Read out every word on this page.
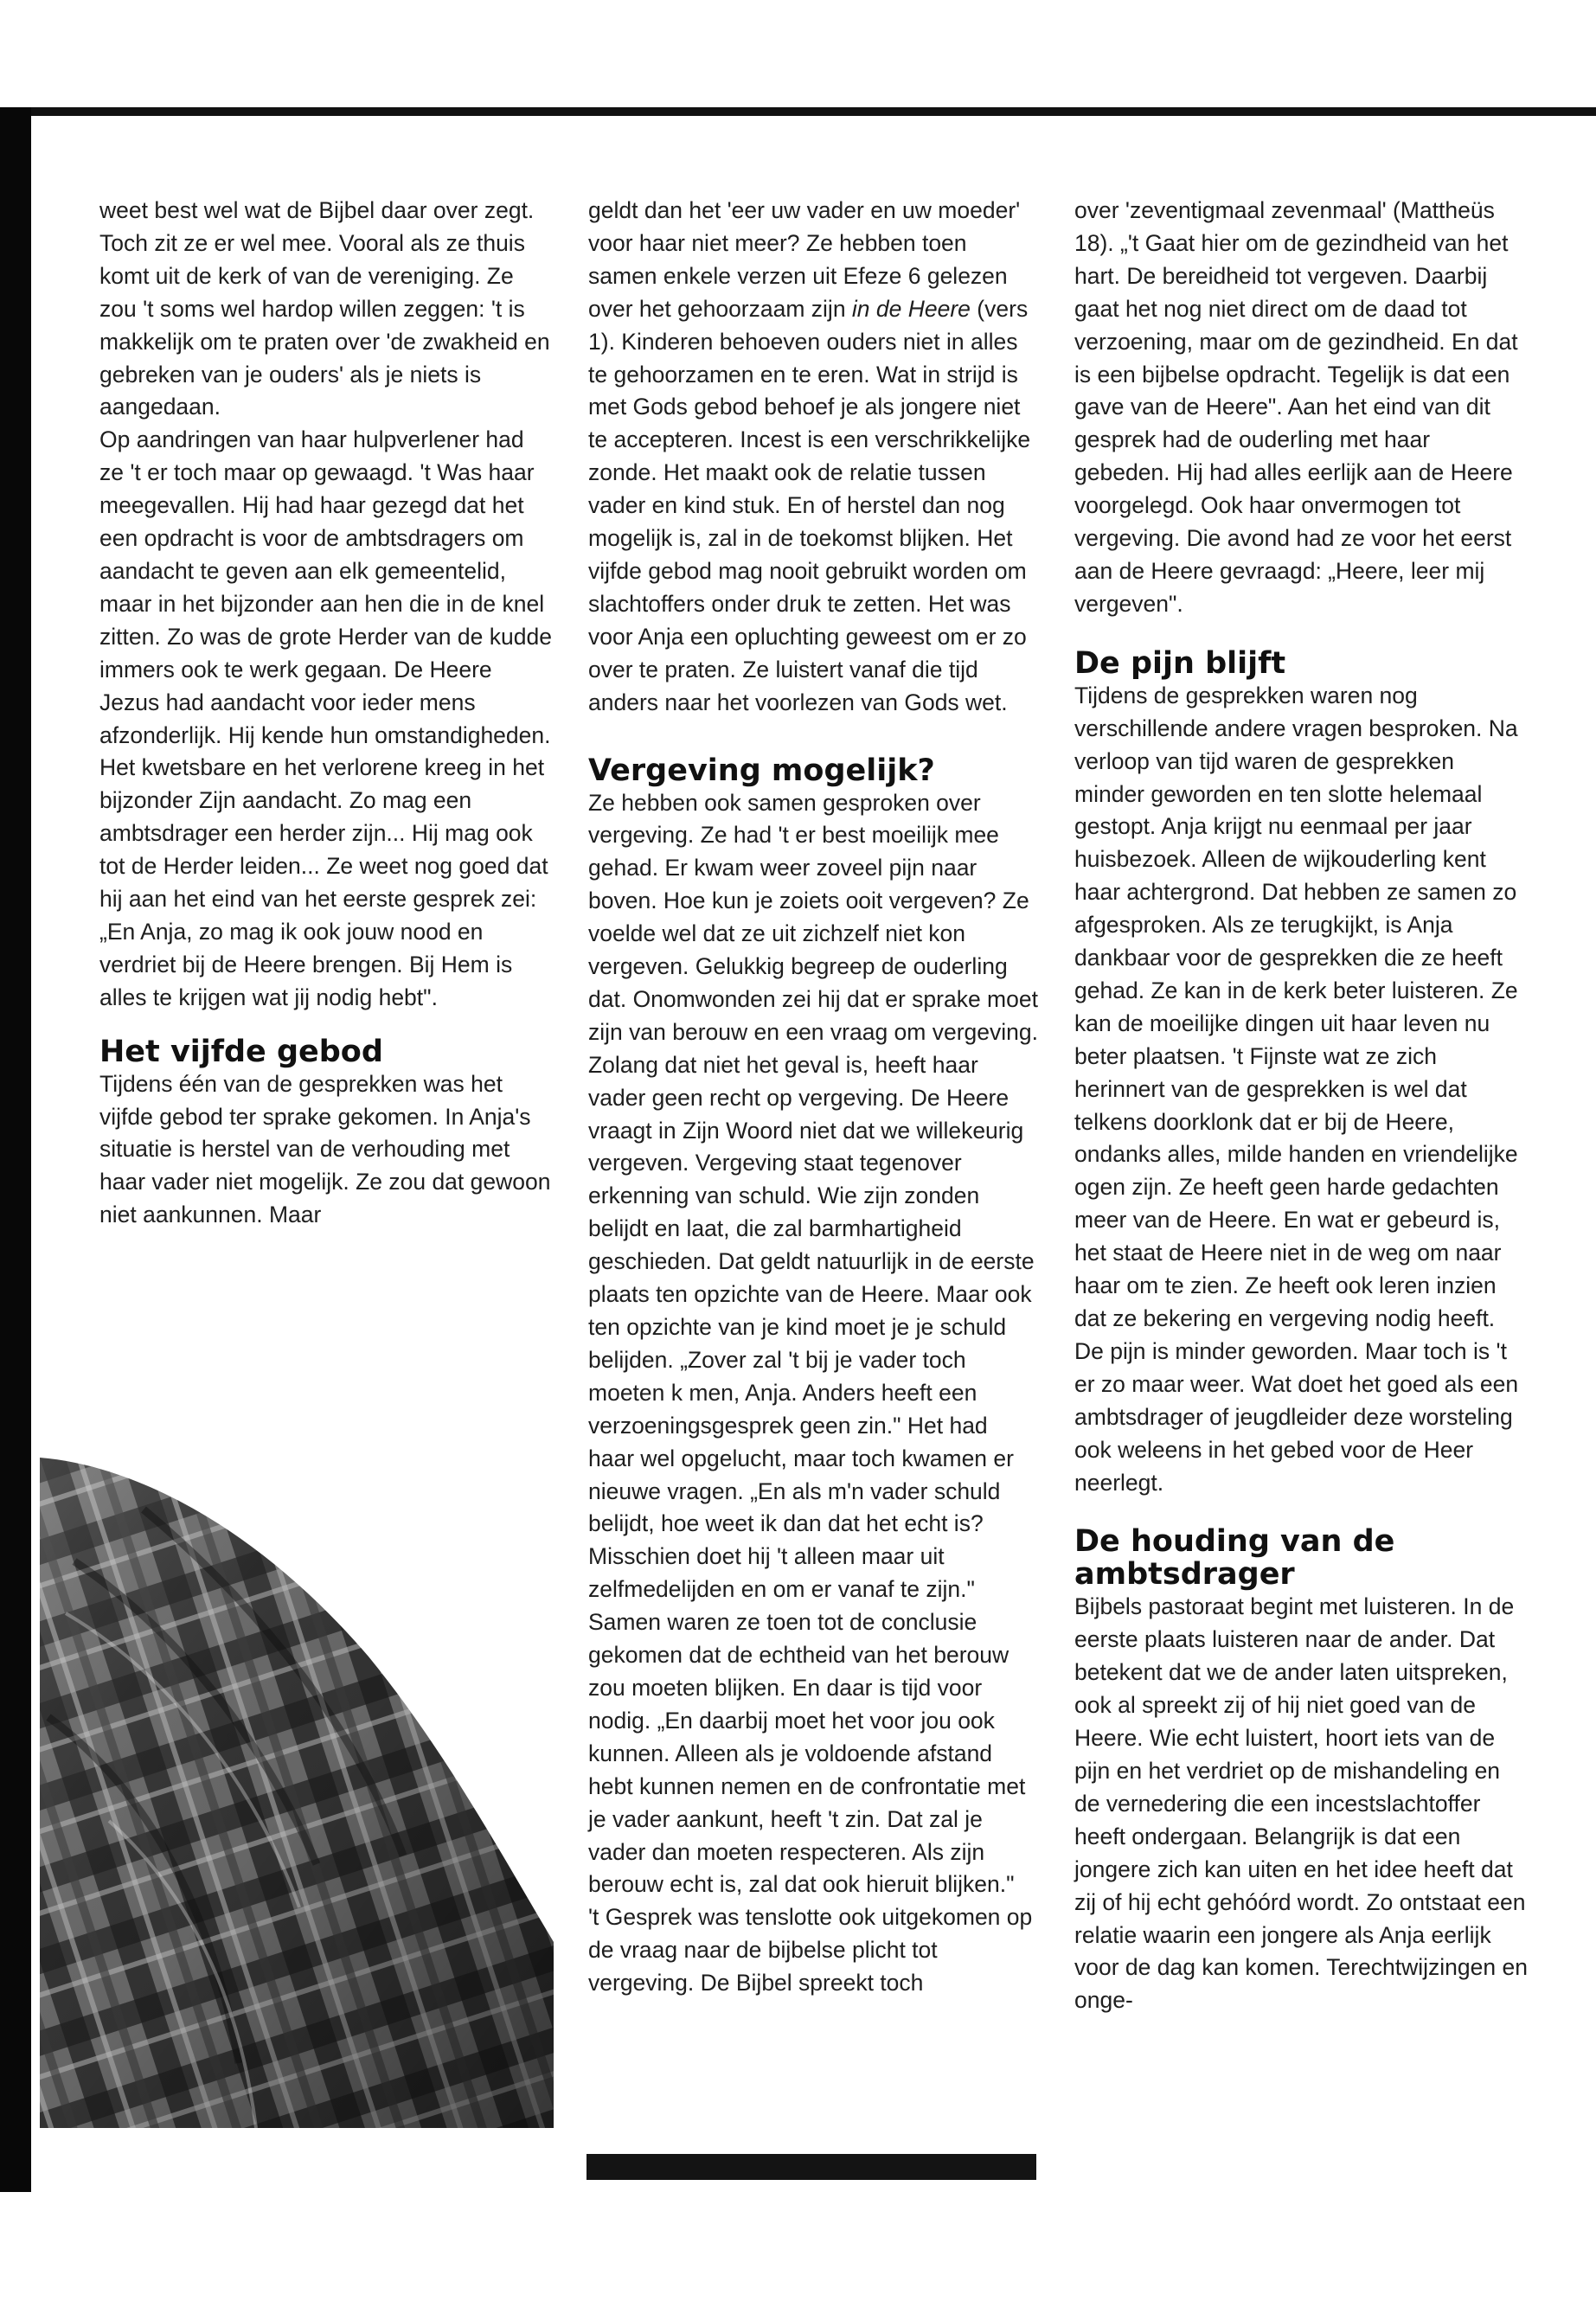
weet best wel wat de Bijbel daar over zegt. Toch zit ze er wel mee. Vooral als ze thuis komt uit de kerk of van de vereniging. Ze zou 't soms wel hardop willen zeggen: 't is makkelijk om te praten over 'de zwakheid en gebreken van je ouders' als je niets is aangedaan.

Op aandringen van haar hulpverlener had ze 't er toch maar op gewaagd. 't Was haar meegevallen. Hij had haar gezegd dat het een opdracht is voor de ambtsdragers om aandacht te geven aan elk gemeentelid, maar in het bijzonder aan hen die in de knel zitten. Zo was de grote Herder van de kudde immers ook te werk gegaan. De Heere Jezus had aandacht voor ieder mens afzonderlijk. Hij kende hun omstandigheden. Het kwetsbare en het verlorene kreeg in het bijzonder Zijn aandacht. Zo mag een ambtsdrager een herder zijn... Hij mag ook tot de Herder leiden... Ze weet nog goed dat hij aan het eind van het eerste gesprek zei: „En Anja, zo mag ik ook jouw nood en verdriet bij de Heere brengen. Bij Hem is alles te krijgen wat jij nodig hebt".

Het vijfde gebod

Tijdens één van de gesprekken was het vijfde gebod ter sprake gekomen. In Anja's situatie is herstel van de verhouding met haar vader niet mogelijk. Ze zou dat gewoon niet aankunnen. Maar

geldt dan het 'eer uw vader en uw moeder' voor haar niet meer? Ze hebben toen samen enkele verzen uit Efeze 6 gelezen over het gehoorzaam zijn in de Heere (vers 1). Kinderen behoeven ouders niet in alles te gehoorzamen en te eren. Wat in strijd is met Gods gebod behoef je als jongere niet te accepteren. Incest is een verschrikkelijke zonde. Het maakt ook de relatie tussen vader en kind stuk. En of herstel dan nog mogelijk is, zal in de toekomst blijken. Het vijfde gebod mag nooit gebruikt worden om slachtoffers onder druk te zetten. Het was voor Anja een opluchting geweest om er zo over te praten. Ze luistert vanaf die tijd anders naar het voorlezen van Gods wet.

Vergeving mogelijk?

Ze hebben ook samen gesproken over vergeving. Ze had 't er best moeilijk mee gehad. Er kwam weer zoveel pijn naar boven. Hoe kun je zoiets ooit vergeven? Ze voelde wel dat ze uit zichzelf niet kon vergeven. Gelukkig begreep de ouderling dat. Onomwonden zei hij dat er sprake moet zijn van berouw en een vraag om vergeving. Zolang dat niet het geval is, heeft haar vader geen recht op vergeving. De Heere vraagt in Zijn Woord niet dat we willekeurig vergeven. Vergeving staat tegenover erkenning van schuld. Wie zijn zonden belijdt en laat, die zal barmhartigheid geschieden. Dat geldt natuurlijk in de eerste plaats ten opzichte van de Heere. Maar ook ten opzichte van je kind moet je je schuld belijden. „Zover zal 't bij je vader toch moeten k men, Anja. Anders heeft een verzoeningsgesprek geen zin." Het had haar wel opgelucht, maar toch kwamen er nieuwe vragen. „En als m'n vader schuld belijdt, hoe weet ik dan dat het echt is? Misschien doet hij 't alleen maar uit zelfmedelijden en om er vanaf te zijn." Samen waren ze toen tot de conclusie gekomen dat de echtheid van het berouw zou moeten blijken. En daar is tijd voor nodig. „En daarbij moet het voor jou ook kunnen. Alleen als je voldoende afstand hebt kunnen nemen en de confrontatie met je vader aankunt, heeft 't zin. Dat zal je vader dan moeten respecteren. Als zijn berouw echt is, zal dat ook hieruit blijken."

't Gesprek was tenslotte ook uitgekomen op de vraag naar de bijbelse plicht tot vergeving. De Bijbel spreekt toch

over 'zeventigmaal zevenmaal' (Mattheüs 18). „'t Gaat hier om de gezindheid van het hart. De bereidheid tot vergeven. Daarbij gaat het nog niet direct om de daad tot verzoening, maar om de gezindheid. En dat is een bijbelse opdracht. Tegelijk is dat een gave van de Heere". Aan het eind van dit gesprek had de ouderling met haar gebeden. Hij had alles eerlijk aan de Heere voorgelegd. Ook haar onvermogen tot vergeving. Die avond had ze voor het eerst aan de Heere gevraagd: „Heere, leer mij vergeven".

De pijn blijft

Tijdens de gesprekken waren nog verschillende andere vragen besproken. Na verloop van tijd waren de gesprekken minder geworden en ten slotte helemaal gestopt. Anja krijgt nu eenmaal per jaar huisbezoek. Alleen de wijkouderling kent haar achtergrond. Dat hebben ze samen zo afgesproken. Als ze terugkijkt, is Anja dankbaar voor de gesprekken die ze heeft gehad. Ze kan in de kerk beter luisteren. Ze kan de moeilijke dingen uit haar leven nu beter plaatsen. 't Fijnste wat ze zich herinnert van de gesprekken is wel dat telkens doorklonk dat er bij de Heere, ondanks alles, milde handen en vriendelijke ogen zijn. Ze heeft geen harde gedachten meer van de Heere. En wat er gebeurd is, het staat de Heere niet in de weg om naar haar om te zien. Ze heeft ook leren inzien dat ze bekering en vergeving nodig heeft. De pijn is minder geworden. Maar toch is 't er zo maar weer. Wat doet het goed als een ambtsdrager of jeugdleider deze worsteling ook weleens in het gebed voor de Heer neerlegt.

De houding van de ambtsdrager

Bijbels pastoraat begint met luisteren. In de eerste plaats luisteren naar de ander. Dat betekent dat we de ander laten uitspreken, ook al spreekt zij of hij niet goed van de Heere. Wie echt luistert, hoort iets van de pijn en het verdriet op de mishandeling en de vernedering die een incestslachtoffer heeft ondergaan. Belangrijk is dat een jongere zich kan uiten en het idee heeft dat zij of hij echt gehóórd wordt. Zo ontstaat een relatie waarin een jongere als Anja eerlijk voor de dag kan komen. Terechtwijzingen en onge-
